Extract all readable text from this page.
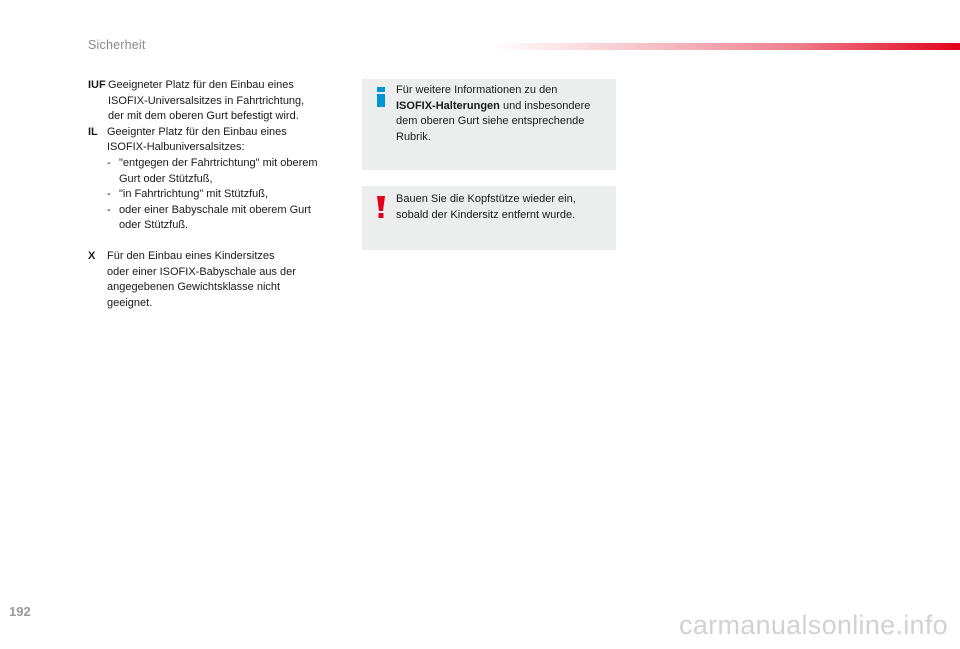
Sicherheit
IUF Geeigneter Platz für den Einbau eines
ISOFIX-Universalsitzes in Fahrtrichtung,
der mit dem oberen Gurt befestigt wird.
IL Geeignter Platz für den Einbau eines
ISOFIX-Halbuniversalsitzes:
- "entgegen der Fahrtrichtung" mit oberem
Gurt oder Stützfuß,
- "in Fahrtrichtung" mit Stützfuß,
- oder einer Babyschale mit oberem Gurt
oder Stützfuß.
X	Für den Einbau eines Kindersitzes
oder einer ISOFIX-Babyschale aus der
angegebenen Gewichtsklasse nicht
geeignet.
Für weitere Informationen zu den
ISOFIX-Halterungen und insbesondere
dem oberen Gurt siehe entsprechende
Rubrik.
Bauen Sie die Kopfstütze wieder ein,
sobald der Kindersitz entfernt wurde.
192	carmanualsonline.info
